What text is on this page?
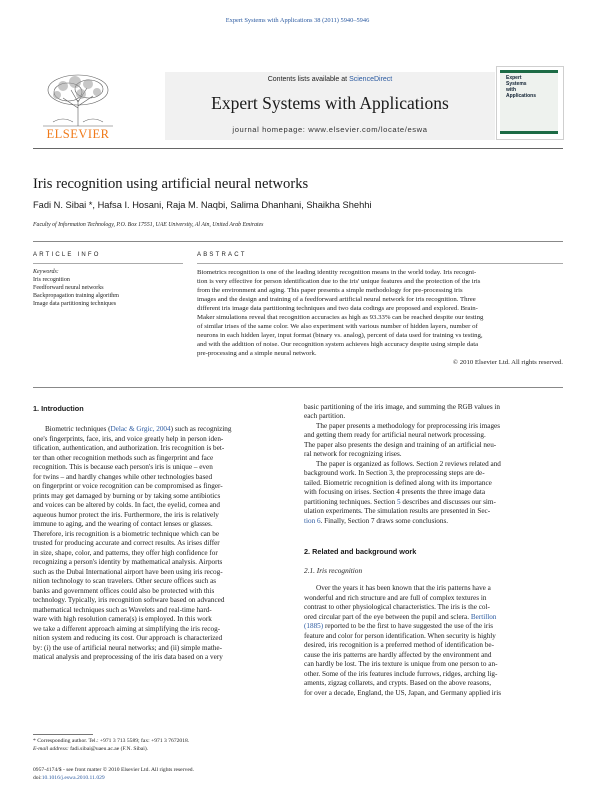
Expert Systems with Applications 38 (2011) 5940–5946
ELSEVIER
Contents lists available at ScienceDirect
Expert Systems with Applications
journal homepage: www.elsevier.com/locate/eswa
Expert
Systems
with
Applications
Iris recognition using artificial neural networks
Fadi N. Sibai *, Hafsa I. Hosani, Raja M. Naqbi, Salima Dhanhani, Shaikha Shehhi
Faculty of Information Technology, P.O. Box 17551, UAE University, Al Ain, United Arab Emirates
ARTICLE INFO	ABSTRACT
Keywords:
Iris recognition
Feedforward neural networks
Backpropagation training algorithm
Image data partitioning techniques
Biometrics recognition is one of the leading identity recognition means in the world today. Iris recogni-
tion is very effective for person identification due to the iris' unique features and the protection of the iris
from the environment and aging. This paper presents a simple methodology for pre-processing iris
images and the design and training of a feedforward artificial neural network for iris recognition. Three
different iris image data partitioning techniques and two data codings are proposed and explored. Brain-
Maker simulations reveal that recognition accuracies as high as 93.33% can be reached despite our testing
of similar irises of the same color. We also experiment with various number of hidden layers, number of
neurons in each hidden layer, input format (binary vs. analog), percent of data used for training vs testing,
and with the addition of noise. Our recognition system achieves high accuracy despite using simple data
pre-processing and a simple neural network.
© 2010 Elsevier Ltd. All rights reserved.
1. Introduction
Biometric techniques (Delac & Grgic, 2004) such as recognizing
one's fingerprints, face, iris, and voice greatly help in person iden-
tification, authentication, and authorization. Iris recognition is bet-
ter than other recognition methods such as fingerprint and face
recognition. This is because each person's iris is unique – even
for twins – and hardly changes while other technologies based
on fingerprint or voice recognition can be compromised as finger-
prints may get damaged by burning or by taking some antibiotics
and voices can be altered by colds. In fact, the eyelid, cornea and
aqueous humor protect the iris. Furthermore, the iris is relatively
immune to aging, and the wearing of contact lenses or glasses.
Therefore, iris recognition is a biometric technique which can be
trusted for producing accurate and correct results. As irises differ
in size, shape, color, and patterns, they offer high confidence for
recognizing a person's identity by mathematical analysis. Airports
such as the Dubai International airport have been using iris recog-
nition technology to scan travelers. Other secure offices such as
banks and government offices could also be protected with this
technology. Typically, iris recognition software based on advanced
mathematical techniques such as Wavelets and real-time hard-
ware with high resolution camera(s) is employed. In this work
we take a different approach aiming at simplifying the iris recog-
nition system and reducing its cost. Our approach is characterized
by: (i) the use of artificial neural networks; and (ii) simple mathe-
matical analysis and preprocessing of the iris data based on a very
basic partitioning of the iris image, and summing the RGB values in
each partition.
The paper presents a methodology for preprocessing iris images
and getting them ready for artificial neural network processing.
The paper also presents the design and training of an artificial neu-
ral network for recognizing irises.
The paper is organized as follows. Section 2 reviews related and
background work. In Section 3, the preprocessing steps are de-
tailed. Biometric recognition is defined along with its importance
with focusing on irises. Section 4 presents the three image data
partitioning techniques. Section 5 describes and discusses our sim-
ulation experiments. The simulation results are presented in Sec-
tion 6. Finally, Section 7 draws some conclusions.
2. Related and background work
2.1. Iris recognition
Over the years it has been known that the iris patterns have a
wonderful and rich structure and are full of complex textures in
contrast to other physiological characteristics. The iris is the col-
ored circular part of the eye between the pupil and sclera. Bertillon
(1885) reported to be the first to have suggested the use of the iris
feature and color for person identification. When security is highly
desired, iris recognition is a preferred method of identification be-
cause the iris patterns are hardly affected by the environment and
can hardly be lost. The iris texture is unique from one person to an-
other. Some of the iris features include furrows, ridges, arching lig-
aments, zigzag collarets, and crypts. Based on the above reasons,
for over a decade, England, the US, Japan, and Germany applied iris
* Corresponding author. Tel.: +971 3 713 5589; fax: +971 3 7672018.
E-mail address: fadi.sibai@uaeu.ac.ae (F.N. Sibai).
0957-4174/$ - see front matter © 2010 Elsevier Ltd. All rights reserved.
doi:10.1016/j.eswa.2010.11.029
